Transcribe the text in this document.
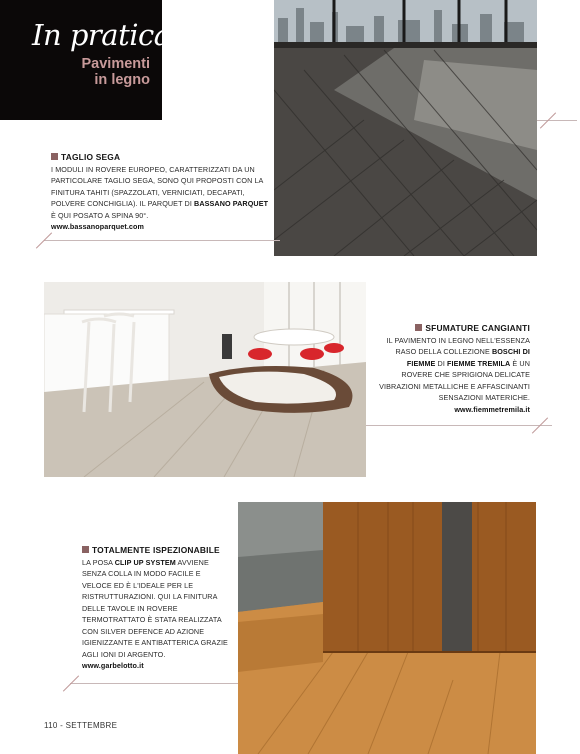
In pratica
Pavimenti
in legno
TAGLIO SEGA
I MODULI IN ROVERE EUROPEO, CARATTERIZZATI DA UN PARTICOLARE TAGLIO SEGA, SONO QUI PROPOSTI CON LA FINITURA TAHITI (SPAZZOLATI, VERNICIATI, DECAPATI, POLVERE CONCHIGLIA). IL PARQUET DI BASSANO PARQUET È QUI POSATO A SPINA 90°.
www.bassanoparquet.com
SFUMATURE CANGIANTI
IL PAVIMENTO IN LEGNO NELL'ESSENZA RASO DELLA COLLEZIONE BOSCHI DI FIEMME DI FIEMME TREMILA È UN ROVERE CHE SPRIGIONA DELICATE VIBRAZIONI METALLICHE E AFFASCINANTI SENSAZIONI MATERICHE.
www.fiemmetremila.it
TOTALMENTE ISPEZIONABILE
LA POSA CLIP UP SYSTEM AVVIENE SENZA COLLA IN MODO FACILE E VELOCE ED È L'IDEALE PER LE RISTRUTTURAZIONI. QUI LA FINITURA DELLE TAVOLE IN ROVERE TERMOTRATTATO È STATA REALIZZATA CON SILVER DEFENCE AD AZIONE IGIENIZZANTE E ANTIBATTERICA GRAZIE AGLI IONI DI ARGENTO.
www.garbelotto.it
110 - SETTEMBRE
